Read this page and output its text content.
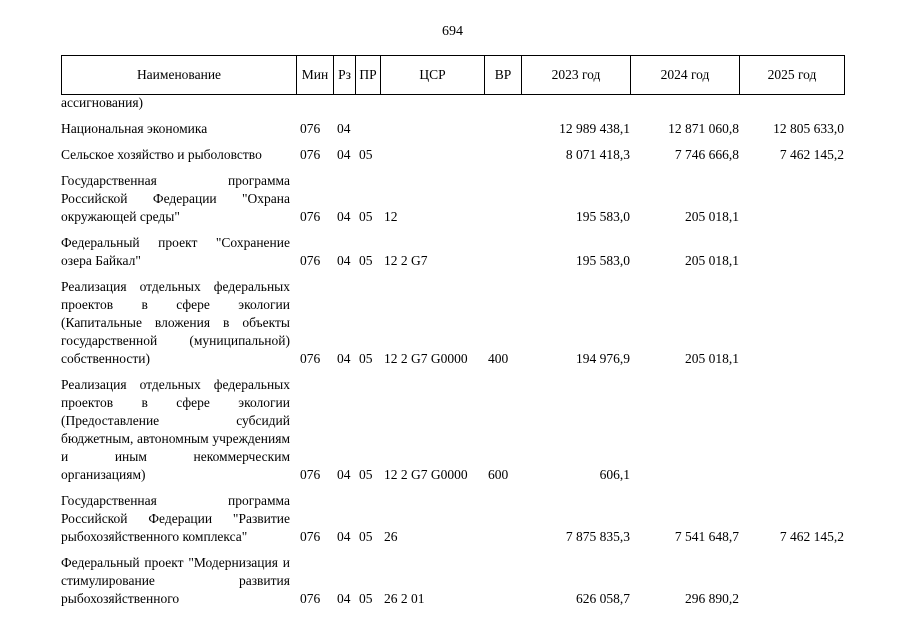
694
Наименование	Мин	Рз	ПР	ЦСР	ВР	2023 год	2024 год	2025 год
ассигнования)								

Национальная экономика	076	04				12 989 438,1	12 871 060,8	12 805 633,0

Сельское хозяйство и рыболовство	076	04	05			8 071 418,3	7 746 666,8	7 462 145,2

Государственная программа Российской Федерации "Охрана окружающей среды"	076	04	05	12		195 583,0	205 018,1	

Федеральный проект "Сохранение озера Байкал"	076	04	05	12 2 G7		195 583,0	205 018,1	

Реализация отдельных федеральных проектов в сфере экологии (Капитальные вложения в объекты государственной (муниципальной) собственности)	076	04	05	12 2 G7 G0000	400	194 976,9	205 018,1	

Реализация отдельных федеральных проектов в сфере экологии (Предоставление субсидий бюджетным, автономным учреждениям и иным некоммерческим организациям)	076	04	05	12 2 G7 G0000	600	606,1		

Государственная программа Российской Федерации "Развитие рыбохозяйственного комплекса"	076	04	05	26		7 875 835,3	7 541 648,7	7 462 145,2

Федеральный проект "Модернизация и стимулирование развития рыбохозяйственного	076	04	05	26 2 01		626 058,7	296 890,2	
